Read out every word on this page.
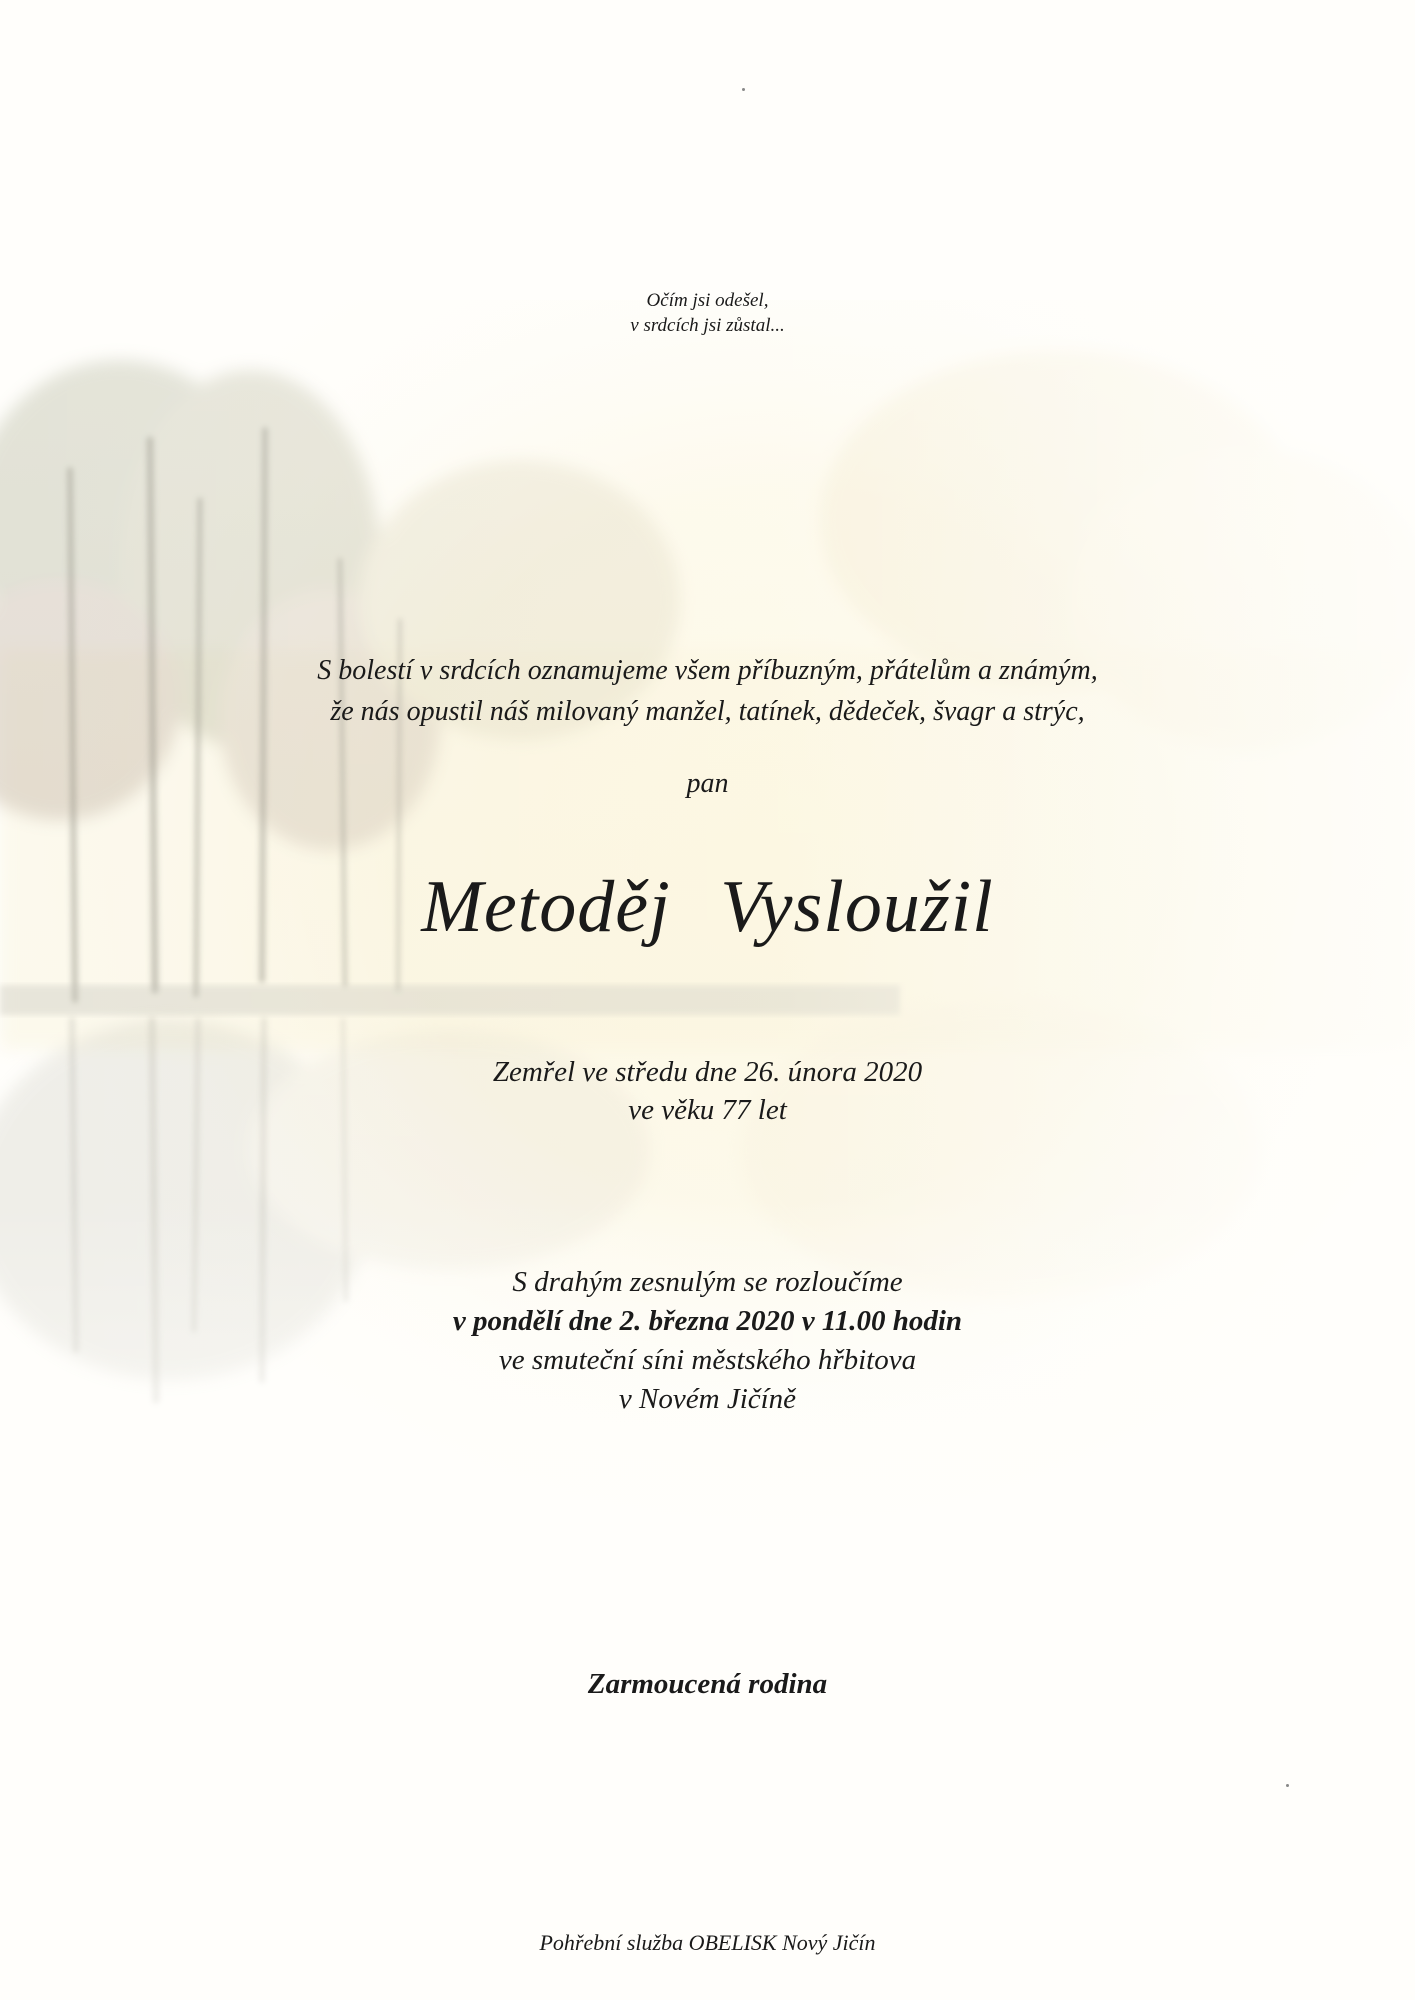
Očím jsi odešel,
v srdcích jsi zůstal...
S bolestí v srdcích oznamujeme všem příbuzným, přátelům a známým,
že nás opustil náš milovaný manžel, tatínek, dědeček, švagr a strýc,
pan
Metoděj Vysloužil
Zemřel ve středu dne 26. února 2020
ve věku 77 let
S drahým zesnulým se rozloučíme
v pondělí dne 2. března 2020 v 11.00 hodin
ve smuteční síni městského hřbitova
v Novém Jičíně
Zarmoucená rodina
Pohřební služba OBELISK Nový Jičín
